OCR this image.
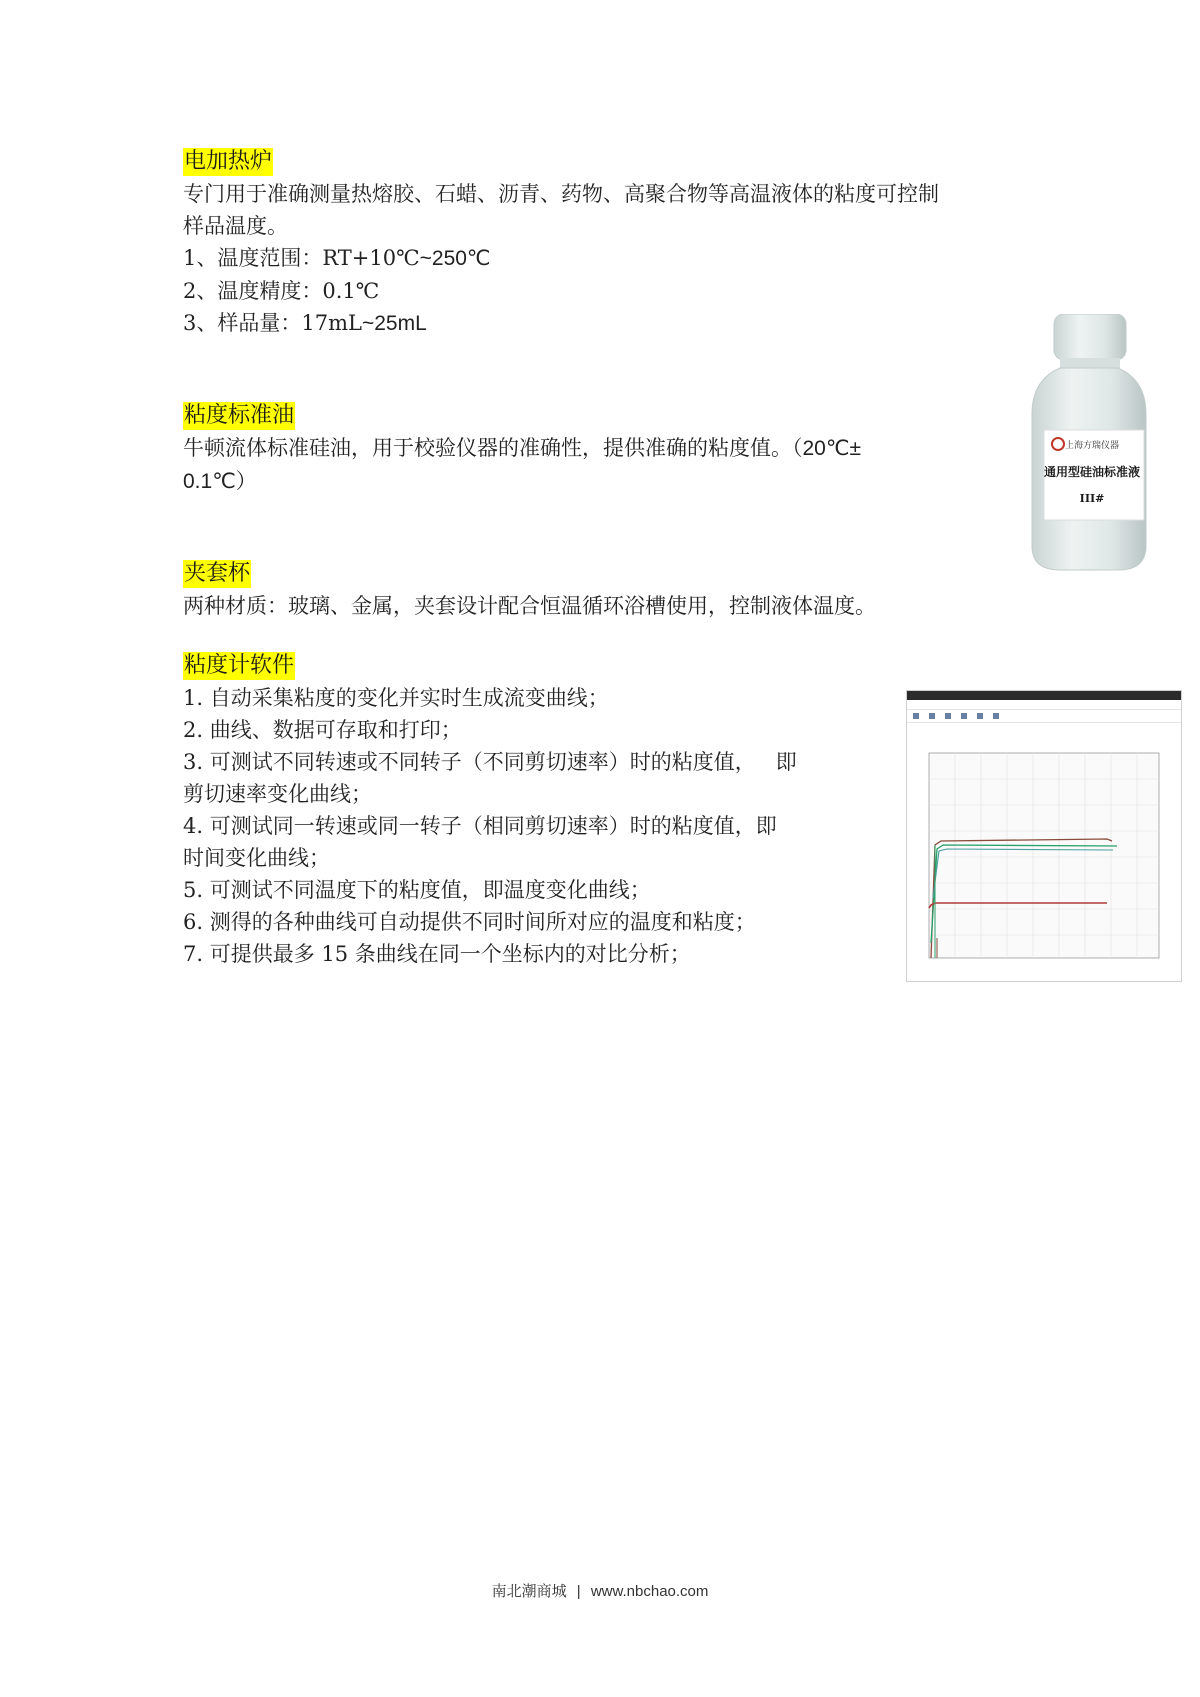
电加热炉

专门用于准确测量热熔胶、石蜡、沥青、药物、高聚合物等高温液体的粘度可控制

样品温度。

1、温度范围：RT+10℃~250℃

2、温度精度：0.1℃

3、样品量：17mL~25mL

粘度标准油

牛顿流体标准硅油，用于校验仪器的准确性，提供准确的粘度值。（20℃±

0.1℃）

夹套杯

两种材质：玻璃、金属，夹套设计配合恒温循环浴槽使用，控制液体温度。

粘度计软件

1. 自动采集粘度的变化并实时生成流变曲线；

2. 曲线、数据可存取和打印；

3. 可测试不同转速或不同转子（不同剪切速率）时的粘度值，   即

剪切速率变化曲线；

4. 可测试同一转速或同一转子（相同剪切速率）时的粘度值，即

时间变化曲线；

5. 可测试不同温度下的粘度值，即温度变化曲线；

6. 测得的各种曲线可自动提供不同时间所对应的温度和粘度；

7. 可提供最多 15 条曲线在同一个坐标内的对比分析；

上海方瑞仪器
通用型硅油标准液
III#
南北潮商城 | www.nbchao.com
